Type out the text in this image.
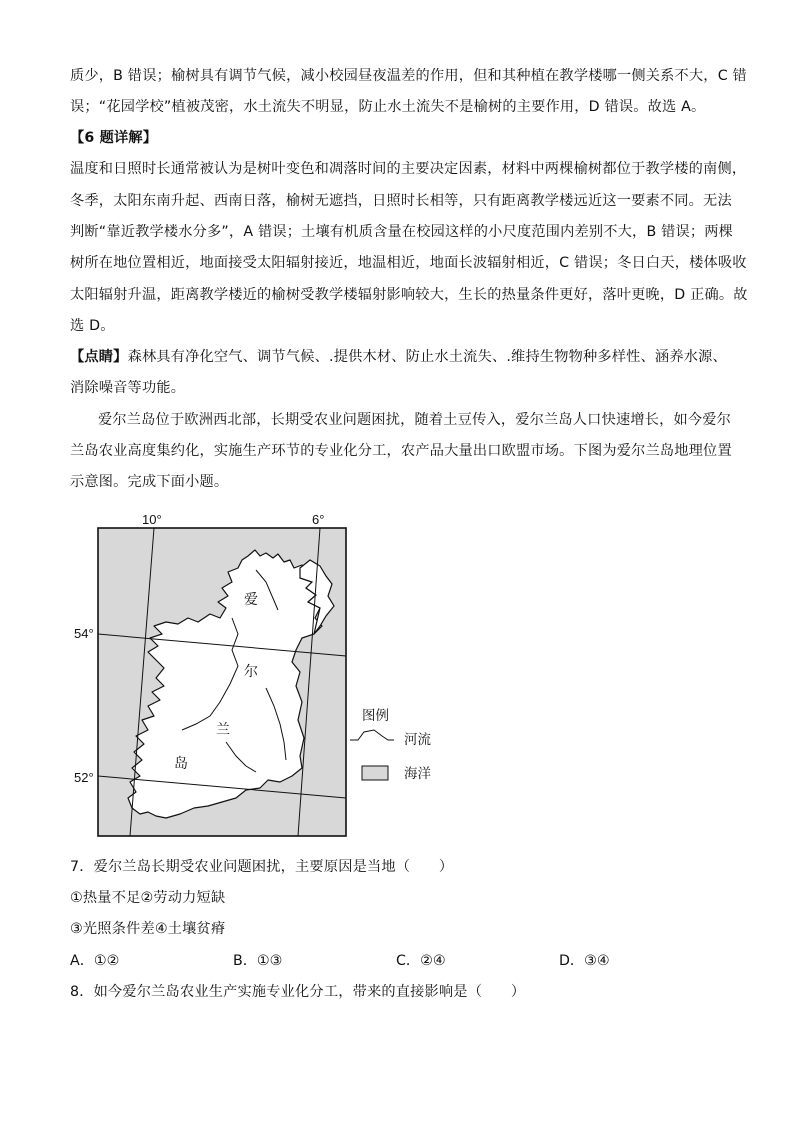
质少，B 错误；榆树具有调节气候，减小校园昼夜温差的作用，但和其种植在教学楼哪一侧关系不大，C 错
误；“花园学校”植被茂密，水土流失不明显，防止水土流失不是榆树的主要作用，D 错误。故选 A。
【6 题详解】
温度和日照时长通常被认为是树叶变色和凋落时间的主要决定因素，材料中两棵榆树都位于教学楼的南侧，
冬季，太阳东南升起、西南日落，榆树无遮挡，日照时长相等，只有距离教学楼远近这一要素不同。无法
判断“靠近教学楼水分多”，A 错误；土壤有机质含量在校园这样的小尺度范围内差别不大，B 错误；两棵
树所在地位置相近，地面接受太阳辐射接近，地温相近，地面长波辐射相近，C 错误；冬日白天，楼体吸收
太阳辐射升温，距离教学楼近的榆树受教学楼辐射影响较大，生长的热量条件更好，落叶更晚，D 正确。故
选 D。
【点睛】森林具有净化空气、调节气候、.提供木材、防止水土流失、.维持生物物种多样性、涵养水源、
消除噪音等功能。
爱尔兰岛位于欧洲西北部，长期受农业问题困扰，随着土豆传入，爱尔兰岛人口快速增长，如今爱尔
兰岛农业高度集约化，实施生产环节的专业化分工，农产品大量出口欧盟市场。下图为爱尔兰岛地理位置
示意图。完成下面小题。
10°	6°
54°
52°
爱
尔
兰
岛
图例
河流
海洋
7．爱尔兰岛长期受农业问题困扰，主要原因是当地（　　）
①热量不足②劳动力短缺
③光照条件差④土壤贫瘠
A．①②	B．①③	C．②④	D．③④
8．如今爱尔兰岛农业生产实施专业化分工，带来的直接影响是（　　）
